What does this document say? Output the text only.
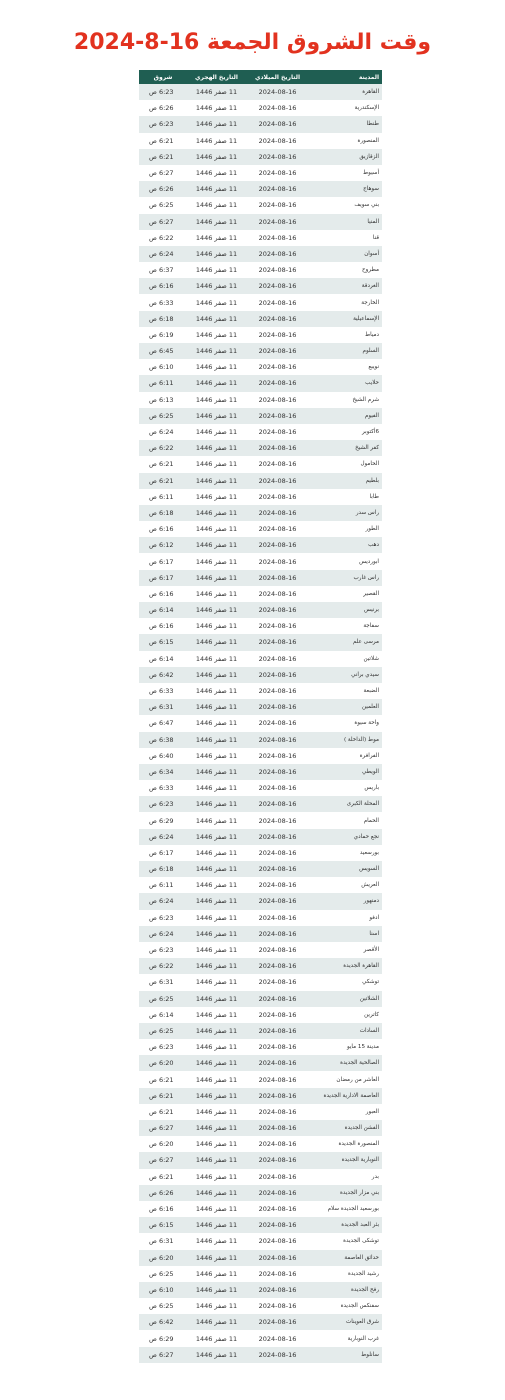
وقت الشروق الجمعة 16-8-2024
المدينة	التاريخ الميلادي	التاريخ الهجري	شروق
القاهرة	2024-08-16	11 صفر 1446	6:23 ص
الإسكندرية	2024-08-16	11 صفر 1446	6:26 ص
طنطا	2024-08-16	11 صفر 1446	6:23 ص
المنصورة	2024-08-16	11 صفر 1446	6:21 ص
الزقازيق	2024-08-16	11 صفر 1446	6:21 ص
أسيوط	2024-08-16	11 صفر 1446	6:27 ص
سوهاج	2024-08-16	11 صفر 1446	6:26 ص
بني سويف	2024-08-16	11 صفر 1446	6:25 ص
المنيا	2024-08-16	11 صفر 1446	6:27 ص
قنا	2024-08-16	11 صفر 1446	6:22 ص
أسوان	2024-08-16	11 صفر 1446	6:24 ص
مطروح	2024-08-16	11 صفر 1446	6:37 ص
الغردقة	2024-08-16	11 صفر 1446	6:16 ص
الخارجة	2024-08-16	11 صفر 1446	6:33 ص
الإسماعيلية	2024-08-16	11 صفر 1446	6:18 ص
دمياط	2024-08-16	11 صفر 1446	6:19 ص
السلوم	2024-08-16	11 صفر 1446	6:45 ص
نويبع	2024-08-16	11 صفر 1446	6:10 ص
حلايب	2024-08-16	11 صفر 1446	6:11 ص
شرم الشيخ	2024-08-16	11 صفر 1446	6:13 ص
الفيوم	2024-08-16	11 صفر 1446	6:25 ص
6أكتوبر	2024-08-16	11 صفر 1446	6:24 ص
كفر الشيخ	2024-08-16	11 صفر 1446	6:22 ص
الحامول	2024-08-16	11 صفر 1446	6:21 ص
بلطيم	2024-08-16	11 صفر 1446	6:21 ص
طابا	2024-08-16	11 صفر 1446	6:11 ص
راس سدر	2024-08-16	11 صفر 1446	6:18 ص
الطور	2024-08-16	11 صفر 1446	6:16 ص
دهب	2024-08-16	11 صفر 1446	6:12 ص
ابورديس	2024-08-16	11 صفر 1446	6:17 ص
راس غارب	2024-08-16	11 صفر 1446	6:17 ص
القصير	2024-08-16	11 صفر 1446	6:16 ص
برنيس	2024-08-16	11 صفر 1446	6:14 ص
سفاجة	2024-08-16	11 صفر 1446	6:16 ص
مرسى علم	2024-08-16	11 صفر 1446	6:15 ص
شلاتين	2024-08-16	11 صفر 1446	6:14 ص
سيدي براني	2024-08-16	11 صفر 1446	6:42 ص
الضبعة	2024-08-16	11 صفر 1446	6:33 ص
العلمين	2024-08-16	11 صفر 1446	6:31 ص
واحة سيوة	2024-08-16	11 صفر 1446	6:47 ص
موط (الداخلة )	2024-08-16	11 صفر 1446	6:38 ص
الفرافرة	2024-08-16	11 صفر 1446	6:40 ص
الويطي	2024-08-16	11 صفر 1446	6:34 ص
باريس	2024-08-16	11 صفر 1446	6:33 ص
المحلة الكبرى	2024-08-16	11 صفر 1446	6:23 ص
الحمام	2024-08-16	11 صفر 1446	6:29 ص
نجع حمادي	2024-08-16	11 صفر 1446	6:24 ص
بورسعيد	2024-08-16	11 صفر 1446	6:17 ص
السويس	2024-08-16	11 صفر 1446	6:18 ص
العريش	2024-08-16	11 صفر 1446	6:11 ص
دمنهور	2024-08-16	11 صفر 1446	6:24 ص
ادفو	2024-08-16	11 صفر 1446	6:23 ص
اسنا	2024-08-16	11 صفر 1446	6:24 ص
الأقصر	2024-08-16	11 صفر 1446	6:23 ص
القاهرة الجديدة	2024-08-16	11 صفر 1446	6:22 ص
توشكي	2024-08-16	11 صفر 1446	6:31 ص
الشلاتين	2024-08-16	11 صفر 1446	6:25 ص
كاترين	2024-08-16	11 صفر 1446	6:14 ص
السادات	2024-08-16	11 صفر 1446	6:25 ص
مدينة 15 مايو	2024-08-16	11 صفر 1446	6:23 ص
الصالحية الجديدة	2024-08-16	11 صفر 1446	6:20 ص
العاشر من رمضان	2024-08-16	11 صفر 1446	6:21 ص
العاصمة الادارية الجديدة	2024-08-16	11 صفر 1446	6:21 ص
العبور	2024-08-16	11 صفر 1446	6:21 ص
الفشن الجديدة	2024-08-16	11 صفر 1446	6:27 ص
المنصورة الجديدة	2024-08-16	11 صفر 1446	6:20 ص
النوبارية الجديدة	2024-08-16	11 صفر 1446	6:27 ص
بدر	2024-08-16	11 صفر 1446	6:21 ص
بني مزار الجديدة	2024-08-16	11 صفر 1446	6:26 ص
بورسعيد الجديدة سلام	2024-08-16	11 صفر 1446	6:16 ص
بئر العبد الجديدة	2024-08-16	11 صفر 1446	6:15 ص
توشكى الجديدة	2024-08-16	11 صفر 1446	6:31 ص
حدائق العاصمة	2024-08-16	11 صفر 1446	6:20 ص
رشيد الجديدة	2024-08-16	11 صفر 1446	6:25 ص
رفح الجديدة	2024-08-16	11 صفر 1446	6:10 ص
سفنكس الجديدة	2024-08-16	11 صفر 1446	6:25 ص
شرق العوينات	2024-08-16	11 صفر 1446	6:42 ص
غرب النوبارية	2024-08-16	11 صفر 1446	6:29 ص
سانلوط	2024-08-16	11 صفر 1446	6:27 ص
